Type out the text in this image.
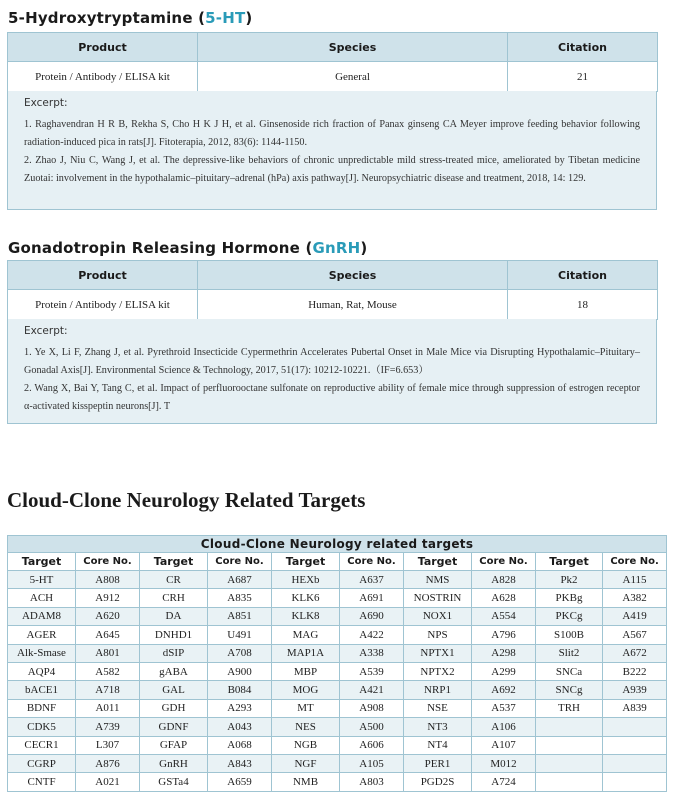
5-Hydroxytryptamine (5-HT)
Product	Species	Citation
Protein / Antibody / ELISA kit	General	21
Excerpt:

1. Raghavendran H R B, Rekha S, Cho H K J H, et al. Ginsenoside rich fraction of Panax ginseng CA Meyer improve feeding behavior following radiation-induced pica in rats[J]. Fitoterapia, 2012, 83(6): 1144-1150.

2. Zhao J, Niu C, Wang J, et al. The depressive-like behaviors of chronic unpredictable mild stress-treated mice, ameliorated by Tibetan medicine Zuotai: involvement in the hypothalamic–pituitary–adrenal (hPa) axis pathway[J]. Neuropsychiatric disease and treatment, 2018, 14: 129.

Gonadotropin Releasing Hormone (GnRH)
Product	Species	Citation
Protein / Antibody / ELISA kit	Human, Rat, Mouse	18
Excerpt:

1. Ye X, Li F, Zhang J, et al. Pyrethroid Insecticide Cypermethrin Accelerates Pubertal Onset in Male Mice via Disrupting Hypothalamic–Pituitary–Gonadal Axis[J]. Environmental Science & Technology, 2017, 51(17): 10212-10221.（IF=6.653）

2. Wang X, Bai Y, Tang C, et al. Impact of perfluorooctane sulfonate on reproductive ability of female mice through suppression of estrogen receptor α-activated kisspeptin neurons[J]. T

Cloud-Clone Neurology Related Targets
Cloud-Clone Neurology related targets									
Target	Core No.	Target	Core No.	Target	Core No.	Target	Core No.	Target	Core No.
5-HT	A808	CR	A687	HEXb	A637	NMS	A828	Pk2	A115
ACH	A912	CRH	A835	KLK6	A691	NOSTRIN	A628	PKBg	A382
ADAM8	A620	DA	A851	KLK8	A690	NOX1	A554	PKCg	A419
AGER	A645	DNHD1	U491	MAG	A422	NPS	A796	S100B	A567
Alk-Smase	A801	dSIP	A708	MAP1A	A338	NPTX1	A298	Slit2	A672
AQP4	A582	gABA	A900	MBP	A539	NPTX2	A299	SNCa	B222
bACE1	A718	GAL	B084	MOG	A421	NRP1	A692	SNCg	A939
BDNF	A011	GDH	A293	MT	A908	NSE	A537	TRH	A839
CDK5	A739	GDNF	A043	NES	A500	NT3	A106		
CECR1	L307	GFAP	A068	NGB	A606	NT4	A107		
CGRP	A876	GnRH	A843	NGF	A105	PER1	M012		
CNTF	A021	GSTa4	A659	NMB	A803	PGD2S	A724		
